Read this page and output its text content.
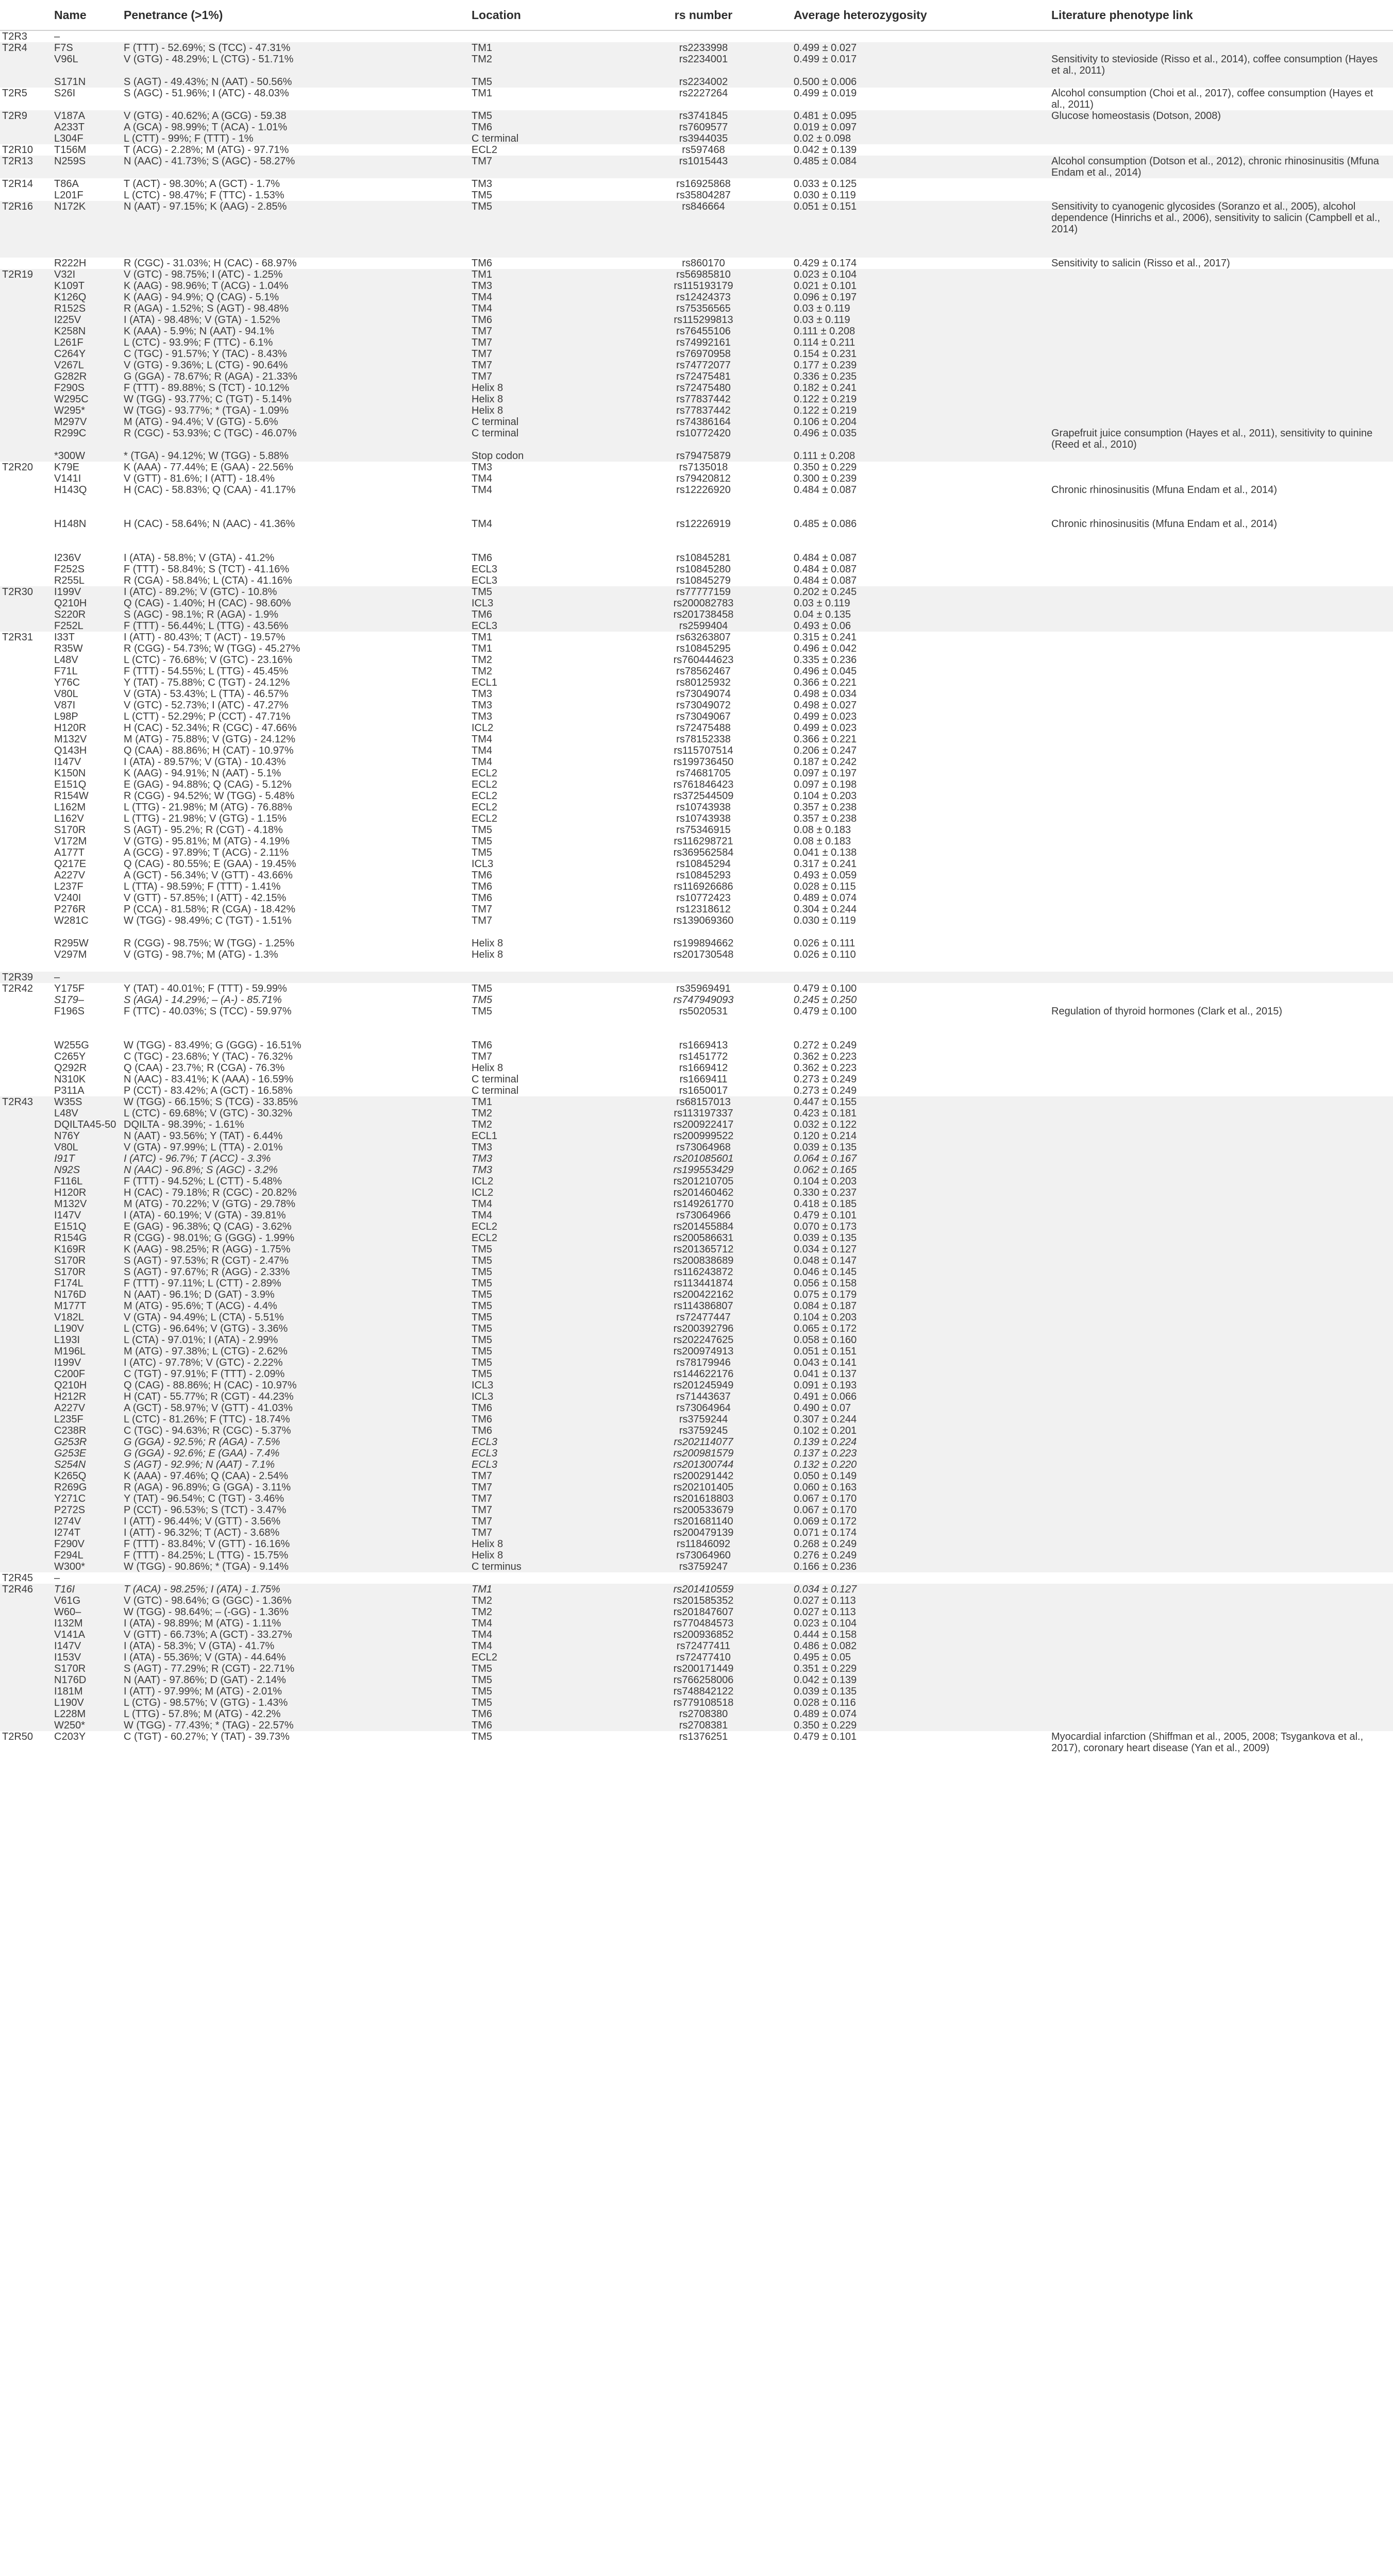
	Name	Penetrance (>1%)	Location	rs number	Average heterozygosity	Literature phenotype link
T2R3	–					
T2R4	F7S	F (TTT) - 52.69%; S (TCC) - 47.31%	TM1	rs2233998	0.499 ± 0.027	
	V96L	V (GTG) - 48.29%; L (CTG) - 51.71%	TM2	rs2234001	0.499 ± 0.017	Sensitivity to stevioside (Risso et al., 2014), coffee consumption (Hayes et al., 2011)
	S171N	S (AGT) - 49.43%; N (AAT) - 50.56%	TM5	rs2234002	0.500 ± 0.006	
T2R5	S26I	S (AGC) - 51.96%; I (ATC) - 48.03%	TM1	rs2227264	0.499 ± 0.019	Alcohol consumption (Choi et al., 2017), coffee consumption (Hayes et al., 2011)
T2R9	V187A	V (GTG) - 40.62%; A (GCG) - 59.38	TM5	rs3741845	0.481 ± 0.095	Glucose homeostasis (Dotson, 2008)
	A233T	A (GCA) - 98.99%; T (ACA) - 1.01%	TM6	rs7609577	0.019 ± 0.097	
	L304F	L (CTT) - 99%; F (TTT) - 1%	C terminal	rs3944035	0.02 ± 0.098	
T2R10	T156M	T (ACG) - 2.28%; M (ATG) - 97.71%	ECL2	rs597468	0.042 ± 0.139	
T2R13	N259S	N (AAC) - 41.73%; S (AGC) - 58.27%	TM7	rs1015443	0.485 ± 0.084	Alcohol consumption (Dotson et al., 2012), chronic rhinosinusitis (Mfuna Endam et al., 2014)
T2R14	T86A	T (ACT) - 98.30%; A (GCT) - 1.7%	TM3	rs16925868	0.033 ± 0.125	
	L201F	L (CTC) - 98.47%; F (TTC) - 1.53%	TM5	rs35804287	0.030 ± 0.119	
T2R16	N172K	N (AAT) - 97.15%; K (AAG) - 2.85%	TM5	rs846664	0.051 ± 0.151	Sensitivity to cyanogenic glycosides (Soranzo et al., 2005), alcohol dependence (Hinrichs et al., 2006), sensitivity to salicin (Campbell et al., 2014)
	R222H	R (CGC) - 31.03%; H (CAC) - 68.97%	TM6	rs860170	0.429 ± 0.174	Sensitivity to salicin (Risso et al., 2017)
T2R19	V32I	V (GTC) - 98.75%; I (ATC) - 1.25%	TM1	rs56985810	0.023 ± 0.104	
	K109T	K (AAG) - 98.96%; T (ACG) - 1.04%	TM3	rs115193179	0.021 ± 0.101	
	K126Q	K (AAG) - 94.9%; Q (CAG) - 5.1%	TM4	rs12424373	0.096 ± 0.197	
	R152S	R (AGA) - 1.52%; S (AGT) - 98.48%	TM4	rs75356565	0.03 ± 0.119	
	I225V	I (ATA) - 98.48%; V (GTA) - 1.52%	TM6	rs115299813	0.03 ± 0.119	
	K258N	K (AAA) - 5.9%; N (AAT) - 94.1%	TM7	rs76455106	0.111 ± 0.208	
	L261F	L (CTC) - 93.9%; F (TTC) - 6.1%	TM7	rs74992161	0.114 ± 0.211	
	C264Y	C (TGC) - 91.57%; Y (TAC) - 8.43%	TM7	rs76970958	0.154 ± 0.231	
	V267L	V (GTG) - 9.36%; L (CTG) - 90.64%	TM7	rs74772077	0.177 ± 0.239	
	G282R	G (GGA) - 78.67%; R (AGA) - 21.33%	TM7	rs72475481	0.336 ± 0.235	
	F290S	F (TTT) - 89.88%; S (TCT) - 10.12%	Helix 8	rs72475480	0.182 ± 0.241	
	W295C	W (TGG) - 93.77%; C (TGT) - 5.14%	Helix 8	rs77837442	0.122 ± 0.219	
	W295*	W (TGG) - 93.77%; * (TGA) - 1.09%	Helix 8	rs77837442	0.122 ± 0.219	
	M297V	M (ATG) - 94.4%; V (GTG) - 5.6%	C terminal	rs74386164	0.106 ± 0.204	
	R299C	R (CGC) - 53.93%; C (TGC) - 46.07%	C terminal	rs10772420	0.496 ± 0.035	Grapefruit juice consumption (Hayes et al., 2011), sensitivity to quinine (Reed et al., 2010)
	*300W	* (TGA) - 94.12%; W (TGG) - 5.88%	Stop codon	rs79475879	0.111 ± 0.208	
T2R20	K79E	K (AAA) - 77.44%; E (GAA) - 22.56%	TM3	rs7135018	0.350 ± 0.229	
	V141I	V (GTT) - 81.6%; I (ATT) - 18.4%	TM4	rs79420812	0.300 ± 0.239	
	H143Q	H (CAC) - 58.83%; Q (CAA) - 41.17%	TM4	rs12226920	0.484 ± 0.087	Chronic rhinosinusitis (Mfuna Endam et al., 2014)
	H148N	H (CAC) - 58.64%; N (AAC) - 41.36%	TM4	rs12226919	0.485 ± 0.086	Chronic rhinosinusitis (Mfuna Endam et al., 2014)
	I236V	I (ATA) - 58.8%; V (GTA) - 41.2%	TM6	rs10845281	0.484 ± 0.087	
	F252S	F (TTT) - 58.84%; S (TCT) - 41.16%	ECL3	rs10845280	0.484 ± 0.087	
	R255L	R (CGA) - 58.84%; L (CTA) - 41.16%	ECL3	rs10845279	0.484 ± 0.087	
T2R30	I199V	I (ATC) - 89.2%; V (GTC) - 10.8%	TM5	rs77777159	0.202 ± 0.245	
	Q210H	Q (CAG) - 1.40%; H (CAC) - 98.60%	ICL3	rs200082783	0.03 ± 0.119	
	S220R	S (AGC) - 98.1%; R (AGA) - 1.9%	TM6	rs201738458	0.04 ± 0.135	
	F252L	F (TTT) - 56.44%; L (TTG) - 43.56%	ECL3	rs2599404	0.493 ± 0.06	
T2R31	I33T	I (ATT) - 80.43%; T (ACT) - 19.57%	TM1	rs63263807	0.315 ± 0.241	
	R35W	R (CGG) - 54.73%; W (TGG) - 45.27%	TM1	rs10845295	0.496 ± 0.042	
	L48V	L (CTC) - 76.68%; V (GTC) - 23.16%	TM2	rs760444623	0.335 ± 0.236	
	F71L	F (TTT) - 54.55%; L (TTG) - 45.45%	TM2	rs78562467	0.496 ± 0.045	
	Y76C	Y (TAT) - 75.88%; C (TGT) - 24.12%	ECL1	rs80125932	0.366 ± 0.221	
	V80L	V (GTA) - 53.43%; L (TTA) - 46.57%	TM3	rs73049074	0.498 ± 0.034	
	V87I	V (GTC) - 52.73%; I (ATC) - 47.27%	TM3	rs73049072	0.498 ± 0.027	
	L98P	L (CTT) - 52.29%; P (CCT) - 47.71%	TM3	rs73049067	0.499 ± 0.023	
	H120R	H (CAC) - 52.34%; R (CGC) - 47.66%	ICL2	rs72475488	0.499 ± 0.023	
	M132V	M (ATG) - 75.88%; V (GTG) - 24.12%	TM4	rs78152338	0.366 ± 0.221	
	Q143H	Q (CAA) - 88.86%; H (CAT) - 10.97%	TM4	rs115707514	0.206 ± 0.247	
	I147V	I (ATA) - 89.57%; V (GTA) - 10.43%	TM4	rs199736450	0.187 ± 0.242	
	K150N	K (AAG) - 94.91%; N (AAT) - 5.1%	ECL2	rs74681705	0.097 ± 0.197	
	E151Q	E (GAG) - 94.88%; Q (CAG) - 5.12%	ECL2	rs761846423	0.097 ± 0.198	
	R154W	R (CGG) - 94.52%; W (TGG) - 5.48%	ECL2	rs372544509	0.104 ± 0.203	
	L162M	L (TTG) - 21.98%; M (ATG) - 76.88%	ECL2	rs10743938	0.357 ± 0.238	
	L162V	L (TTG) - 21.98%; V (GTG) - 1.15%	ECL2	rs10743938	0.357 ± 0.238	
	S170R	S (AGT) - 95.2%; R (CGT) - 4.18%	TM5	rs75346915	0.08 ± 0.183	
	V172M	V (GTG) - 95.81%; M (ATG) - 4.19%	TM5	rs116298721	0.08 ± 0.183	
	A177T	A (GCG) - 97.89%; T (ACG) - 2.11%	TM5	rs369562584	0.041 ± 0.138	
	Q217E	Q (CAG) - 80.55%; E (GAA) - 19.45%	ICL3	rs10845294	0.317 ± 0.241	
	A227V	A (GCT) - 56.34%; V (GTT) - 43.66%	TM6	rs10845293	0.493 ± 0.059	
	L237F	L (TTA) - 98.59%; F (TTT) - 1.41%	TM6	rs116926686	0.028 ± 0.115	
	V240I	V (GTT) - 57.85%; I (ATT) - 42.15%	TM6	rs10772423	0.489 ± 0.074	
	P276R	P (CCA) - 81.58%; R (CGA) - 18.42%	TM7	rs12318612	0.304 ± 0.244	
	W281C	W (TGG) - 98.49%; C (TGT) - 1.51%	TM7	rs139069360	0.030 ± 0.119	
	R295W	R (CGG) - 98.75%; W (TGG) - 1.25%	Helix 8	rs199894662	0.026 ± 0.111	
	V297M	V (GTG) - 98.7%; M (ATG) - 1.3%	Helix 8	rs201730548	0.026 ± 0.110	
T2R39	–					
T2R42	Y175F	Y (TAT) - 40.01%; F (TTT) - 59.99%	TM5	rs35969491	0.479 ± 0.100	
	S179–	S (AGA) - 14.29%; – (A-) - 85.71%	TM5	rs747949093	0.245 ± 0.250	
	F196S	F (TTC) - 40.03%; S (TCC) - 59.97%	TM5	rs5020531	0.479 ± 0.100	Regulation of thyroid hormones (Clark et al., 2015)
	W255G	W (TGG) - 83.49%; G (GGG) - 16.51%	TM6	rs1669413	0.272 ± 0.249	
	C265Y	C (TGC) - 23.68%; Y (TAC) - 76.32%	TM7	rs1451772	0.362 ± 0.223	
	Q292R	Q (CAA) - 23.7%; R (CGA) - 76.3%	Helix 8	rs1669412	0.362 ± 0.223	
	N310K	N (AAC) - 83.41%; K (AAA) - 16.59%	C terminal	rs1669411	0.273 ± 0.249	
	P311A	P (CCT) - 83.42%; A (GCT) - 16.58%	C terminal	rs1650017	0.273 ± 0.249	
T2R43	W35S	W (TGG) - 66.15%; S (TCG) - 33.85%	TM1	rs68157013	0.447 ± 0.155	
	L48V	L (CTC) - 69.68%; V (GTC) - 30.32%	TM2	rs113197337	0.423 ± 0.181	
	DQILTA45-50	DQILTA - 98.39%; - 1.61%	TM2	rs200922417	0.032 ± 0.122	
	N76Y	N (AAT) - 93.56%; Y (TAT) - 6.44%	ECL1	rs200999522	0.120 ± 0.214	
	V80L	V (GTA) - 97.99%; L (TTA) - 2.01%	TM3	rs73064968	0.039 ± 0.135	
	I91T	I (ATC) - 96.7%; T (ACC) - 3.3%	TM3	rs201085601	0.064 ± 0.167	
	N92S	N (AAC) - 96.8%; S (AGC) - 3.2%	TM3	rs199553429	0.062 ± 0.165	
	F116L	F (TTT) - 94.52%; L (CTT) - 5.48%	ICL2	rs201210705	0.104 ± 0.203	
	H120R	H (CAC) - 79.18%; R (CGC) - 20.82%	ICL2	rs201460462	0.330 ± 0.237	
	M132V	M (ATG) - 70.22%; V (GTG) - 29.78%	TM4	rs149261770	0.418 ± 0.185	
	I147V	I (ATA) - 60.19%; V (GTA) - 39.81%	TM4	rs73064966	0.479 ± 0.101	
	E151Q	E (GAG) - 96.38%; Q (CAG) - 3.62%	ECL2	rs201455884	0.070 ± 0.173	
	R154G	R (CGG) - 98.01%; G (GGG) - 1.99%	ECL2	rs200586631	0.039 ± 0.135	
	K169R	K (AAG) - 98.25%; R (AGG) - 1.75%	TM5	rs201365712	0.034 ± 0.127	
	S170R	S (AGT) - 97.53%; R (CGT) - 2.47%	TM5	rs200838689	0.048 ± 0.147	
	S170R	S (AGT) - 97.67%; R (AGG) - 2.33%	TM5	rs116243872	0.046 ± 0.145	
	F174L	F (TTT) - 97.11%; L (CTT) - 2.89%	TM5	rs113441874	0.056 ± 0.158	
	N176D	N (AAT) - 96.1%; D (GAT) - 3.9%	TM5	rs200422162	0.075 ± 0.179	
	M177T	M (ATG) - 95.6%; T (ACG) - 4.4%	TM5	rs114386807	0.084 ± 0.187	
	V182L	V (GTA) - 94.49%; L (CTA) - 5.51%	TM5	rs72477447	0.104 ± 0.203	
	L190V	L (CTG) - 96.64%; V (GTG) - 3.36%	TM5	rs200392796	0.065 ± 0.172	
	L193I	L (CTA) - 97.01%; I (ATA) - 2.99%	TM5	rs202247625	0.058 ± 0.160	
	M196L	M (ATG) - 97.38%; L (CTG) - 2.62%	TM5	rs200974913	0.051 ± 0.151	
	I199V	I (ATC) - 97.78%; V (GTC) - 2.22%	TM5	rs78179946	0.043 ± 0.141	
	C200F	C (TGT) - 97.91%; F (TTT) - 2.09%	TM5	rs144622176	0.041 ± 0.137	
	Q210H	Q (CAG) - 88.86%; H (CAC) - 10.97%	ICL3	rs201245949	0.091 ± 0.193	
	H212R	H (CAT) - 55.77%; R (CGT) - 44.23%	ICL3	rs71443637	0.491 ± 0.066	
	A227V	A (GCT) - 58.97%; V (GTT) - 41.03%	TM6	rs73064964	0.490 ± 0.07	
	L235F	L (CTC) - 81.26%; F (TTC) - 18.74%	TM6	rs3759244	0.307 ± 0.244	
	C238R	C (TGC) - 94.63%; R (CGC) - 5.37%	TM6	rs3759245	0.102 ± 0.201	
	G253R	G (GGA) - 92.5%; R (AGA) - 7.5%	ECL3	rs202114077	0.139 ± 0.224	
	G253E	G (GGA) - 92.6%; E (GAA) - 7.4%	ECL3	rs200981579	0.137 ± 0.223	
	S254N	S (AGT) - 92.9%; N (AAT) - 7.1%	ECL3	rs201300744	0.132 ± 0.220	
	K265Q	K (AAA) - 97.46%; Q (CAA) - 2.54%	TM7	rs200291442	0.050 ± 0.149	
	R269G	R (AGA) - 96.89%; G (GGA) - 3.11%	TM7	rs202101405	0.060 ± 0.163	
	Y271C	Y (TAT) - 96.54%; C (TGT) - 3.46%	TM7	rs201618803	0.067 ± 0.170	
	P272S	P (CCT) - 96.53%; S (TCT) - 3.47%	TM7	rs200533679	0.067 ± 0.170	
	I274V	I (ATT) - 96.44%; V (GTT) - 3.56%	TM7	rs201681140	0.069 ± 0.172	
	I274T	I (ATT) - 96.32%; T (ACT) - 3.68%	TM7	rs200479139	0.071 ± 0.174	
	F290V	F (TTT) - 83.84%; V (GTT) - 16.16%	Helix 8	rs11846092	0.268 ± 0.249	
	F294L	F (TTT) - 84.25%; L (TTG) - 15.75%	Helix 8	rs73064960	0.276 ± 0.249	
	W300*	W (TGG) - 90.86%; * (TGA) - 9.14%	C terminus	rs3759247	0.166 ± 0.236	
T2R45	–					
T2R46	T16I	T (ACA) - 98.25%; I (ATA) - 1.75%	TM1	rs201410559	0.034 ± 0.127	
	V61G	V (GTC) - 98.64%; G (GGC) - 1.36%	TM2	rs201585352	0.027 ± 0.113	
	W60–	W (TGG) - 98.64%; – (-GG) - 1.36%	TM2	rs201847607	0.027 ± 0.113	
	I132M	I (ATA) - 98.89%; M (ATG) - 1.11%	TM4	rs770484573	0.023 ± 0.104	
	V141A	V (GTT) - 66.73%; A (GCT) - 33.27%	TM4	rs200936852	0.444 ± 0.158	
	I147V	I (ATA) - 58.3%; V (GTA) - 41.7%	TM4	rs72477411	0.486 ± 0.082	
	I153V	I (ATA) - 55.36%; V (GTA) - 44.64%	ECL2	rs72477410	0.495 ± 0.05	
	S170R	S (AGT) - 77.29%; R (CGT) - 22.71%	TM5	rs200171449	0.351 ± 0.229	
	N176D	N (AAT) - 97.86%; D (GAT) - 2.14%	TM5	rs766258006	0.042 ± 0.139	
	I181M	I (ATT) - 97.99%; M (ATG) - 2.01%	TM5	rs748842122	0.039 ± 0.135	
	L190V	L (CTG) - 98.57%; V (GTG) - 1.43%	TM5	rs779108518	0.028 ± 0.116	
	L228M	L (TTG) - 57.8%; M (ATG) - 42.2%	TM6	rs2708380	0.489 ± 0.074	
	W250*	W (TGG) - 77.43%; * (TAG) - 22.57%	TM6	rs2708381	0.350 ± 0.229	
T2R50	C203Y	C (TGT) - 60.27%; Y (TAT) - 39.73%	TM5	rs1376251	0.479 ± 0.101	Myocardial infarction (Shiffman et al., 2005, 2008; Tsygankova et al., 2017), coronary heart disease (Yan et al., 2009)
